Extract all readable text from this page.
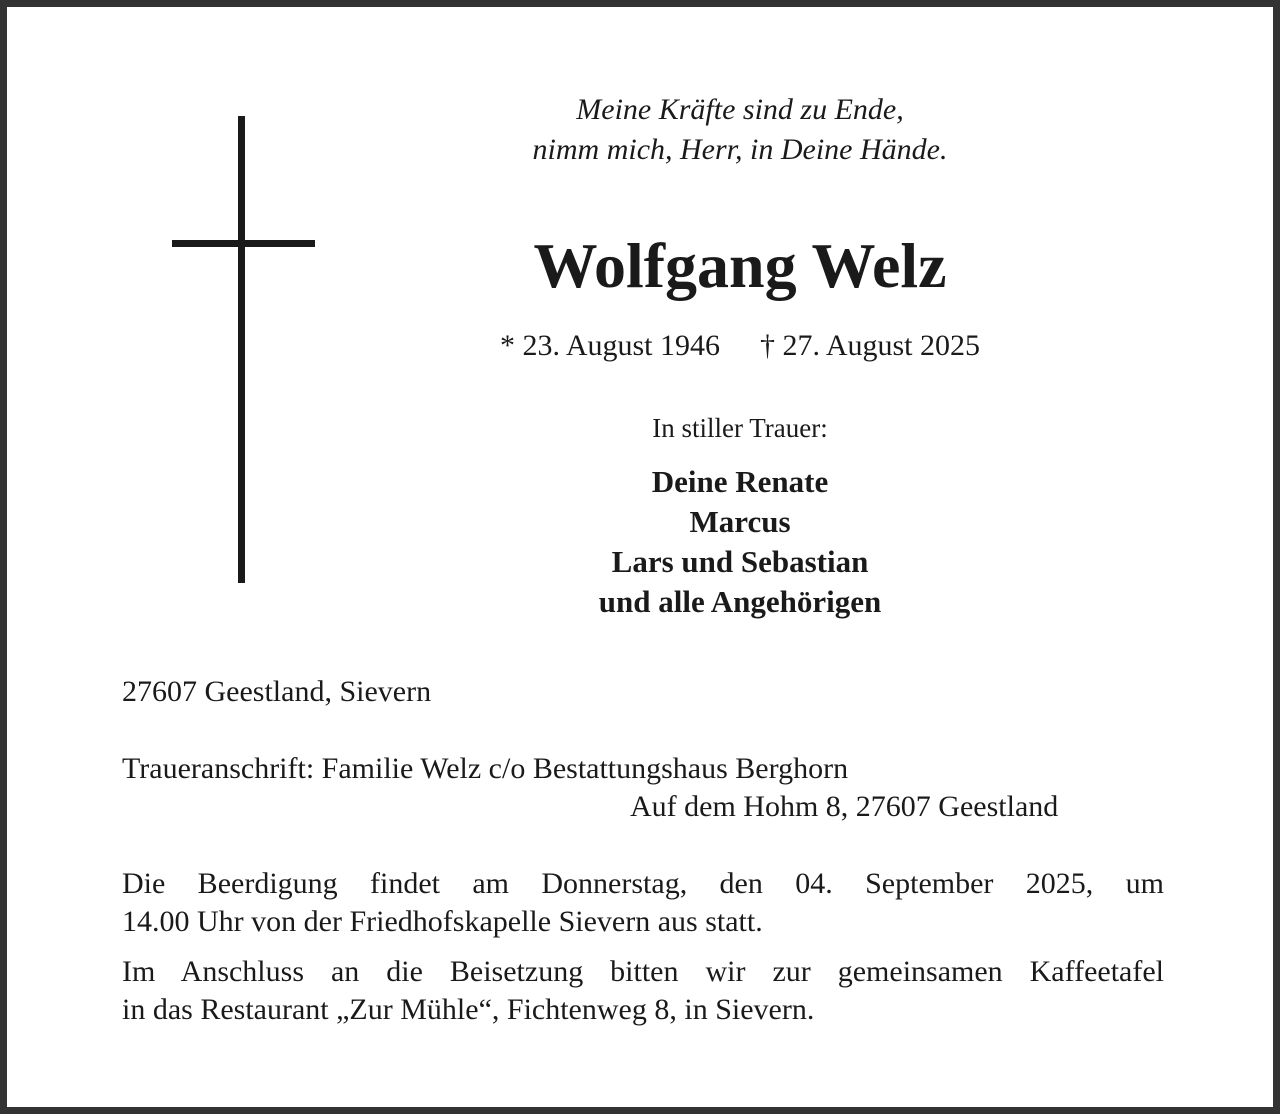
Meine Kräfte sind zu Ende,
nimm mich, Herr, in Deine Hände.
Wolfgang Welz
* 23. August 1946 † 27. August 2025
In stiller Trauer:
Deine Renate
Marcus
Lars und Sebastian
und alle Angehörigen
27607 Geestland, Sievern
Traueranschrift: Familie Welz c/o Bestattungshaus Berghorn
Auf dem Hohm 8, 27607 Geestland
Die Beerdigung findet am Donnerstag, den 04. September 2025, um
14.00 Uhr von der Friedhofskapelle Sievern aus statt.
Im Anschluss an die Beisetzung bitten wir zur gemeinsamen Kaffeetafel
in das Restaurant „Zur Mühle“, Fichtenweg 8, in Sievern.
